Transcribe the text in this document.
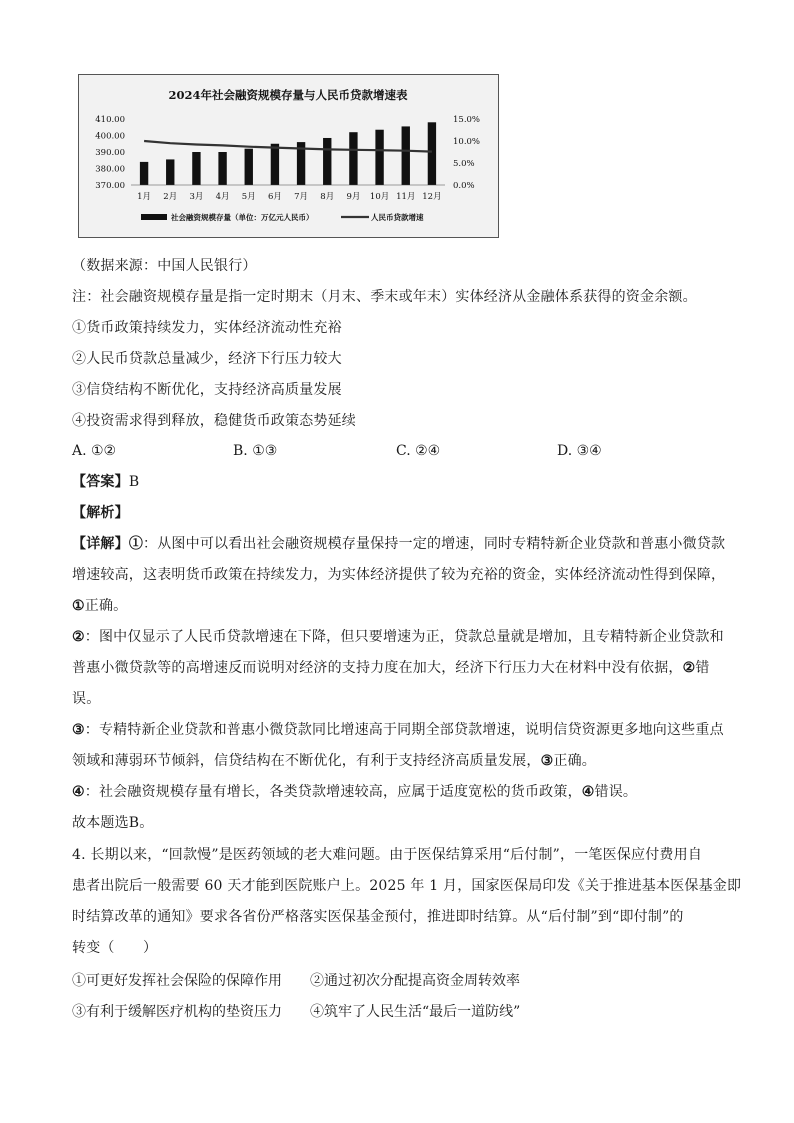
2024年社会融资规模存量与人民币贷款增速表
410.00
400.00
390.00
380.00
370.00
15.0%
10.0%
5.0%
0.0%
1月 2月 3月 4月 5月 6月 7月 8月 9月 10月 11月 12月
社会融资规模存量（单位：万亿元人民币）	人民币贷款增速
（数据来源：中国人民银行）
注：社会融资规模存量是指一定时期末（月末、季末或年末）实体经济从金融体系获得的资金余额。
①货币政策持续发力，实体经济流动性充裕
②人民币贷款总量减少，经济下行压力较大
③信贷结构不断优化，支持经济高质量发展
④投资需求得到释放，稳健货币政策态势延续
A. ①②	B. ①③	C. ②④	D. ③④
【答案】B
【解析】
【详解】①：从图中可以看出社会融资规模存量保持一定的增速，同时专精特新企业贷款和普惠小微贷款
增速较高，这表明货币政策在持续发力，为实体经济提供了较为充裕的资金，实体经济流动性得到保障，
①正确。
②：图中仅显示了人民币贷款增速在下降，但只要增速为正，贷款总量就是增加，且专精特新企业贷款和
普惠小微贷款等的高增速反而说明对经济的支持力度在加大，经济下行压力大在材料中没有依据，②错
误。
③：专精特新企业贷款和普惠小微贷款同比增速高于同期全部贷款增速，说明信贷资源更多地向这些重点
领域和薄弱环节倾斜，信贷结构在不断优化，有利于支持经济高质量发展，③正确。
④：社会融资规模存量有增长，各类贷款增速较高，应属于适度宽松的货币政策，④错误。
故本题选B。
4. 长期以来，“回款慢”是医药领域的老大难问题。由于医保结算采用“后付制”，一笔医保应付费用自
患者出院后一般需要 60 天才能到医院账户上。2025 年 1 月，国家医保局印发《关于推进基本医保基金即
时结算改革的通知》要求各省份严格落实医保基金预付，推进即时结算。从“后付制”到“即付制”的
转变（　　）
①可更好发挥社会保险的保障作用 ②通过初次分配提高资金周转效率
③有利于缓解医疗机构的垫资压力 ④筑牢了人民生活“最后一道防线”
